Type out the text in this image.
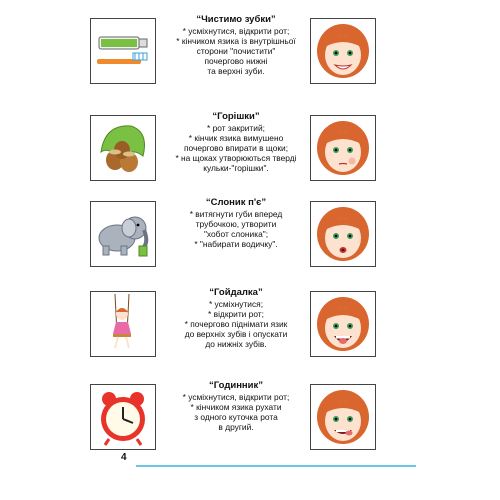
“Чистимо зубки”
* усміхнутися, відкрити рот;
* кінчиком язика із внутрішньої
сторони "почистити"
почергово нижні
та верхні зуби.
“Горішки”
* рот закритий;
* кінчик язика вимушено
почергово впирати в щоки;
* на щоках утворюються тверді
кульки-"горішки".
“Слоник п'є”
* витягнути губи вперед
трубочкою, утворити
"хобот слоника";
* "набирати водичку".
“Гойдалка”
* усміхнутися;
* відкрити рот;
* почергово піднімати язик
до верхніх зубів і опускати
до нижніх зубів.
“Годинник”
* усміхнутися, відкрити рот;
* кінчиком язика рухати
з одного куточка рота
в другий.
4
